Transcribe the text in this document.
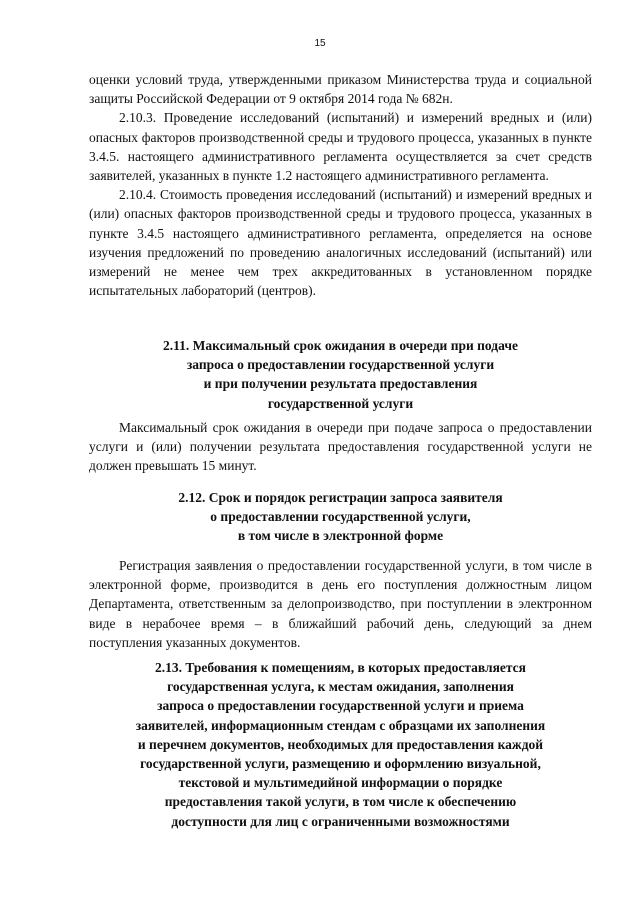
15

оценки условий труда, утвержденными приказом Министерства труда и социальной защиты Российской Федерации от 9 октября 2014 года № 682н.

2.10.3. Проведение исследований (испытаний) и измерений вредных и (или) опасных факторов производственной среды и трудового процесса, указанных в пункте 3.4.5. настоящего административного регламента осуществляется за счет средств заявителей, указанных в пункте 1.2 настоящего административного регламента.

2.10.4. Стоимость проведения исследований (испытаний) и измерений вредных и (или) опасных факторов производственной среды и трудового процесса, указанных в пункте 3.4.5 настоящего административного регламента, определяется на основе изучения предложений по проведению аналогичных исследований (испытаний) или измерений не менее чем трех аккредитованных в установленном порядке испытательных лабораторий (центров).

2.11. Максимальный срок ожидания в очереди при подаче
запроса о предоставлении государственной услуги
и при получении результата предоставления
государственной услуги

Максимальный срок ожидания в очереди при подаче запроса о предоставлении услуги и (или) получении результата предоставления государственной услуги не должен превышать 15 минут.

2.12. Срок и порядок регистрации запроса заявителя
о предоставлении государственной услуги,
в том числе в электронной форме

Регистрация заявления о предоставлении государственной услуги, в том числе в электронной форме, производится в день его поступления должностным лицом Департамента, ответственным за делопроизводство, при поступлении в электронном виде в нерабочее время – в ближайший рабочий день, следующий за днем поступления указанных документов.

2.13. Требования к помещениям, в которых предоставляется
государственная услуга, к местам ожидания, заполнения
запроса о предоставлении государственной услуги и приема
заявителей, информационным стендам с образцами их заполнения
и перечнем документов, необходимых для предоставления каждой
государственной услуги, размещению и оформлению визуальной,
текстовой и мультимедийной информации о порядке
предоставления такой услуги, в том числе к обеспечению
доступности для лиц с ограниченными возможностями
